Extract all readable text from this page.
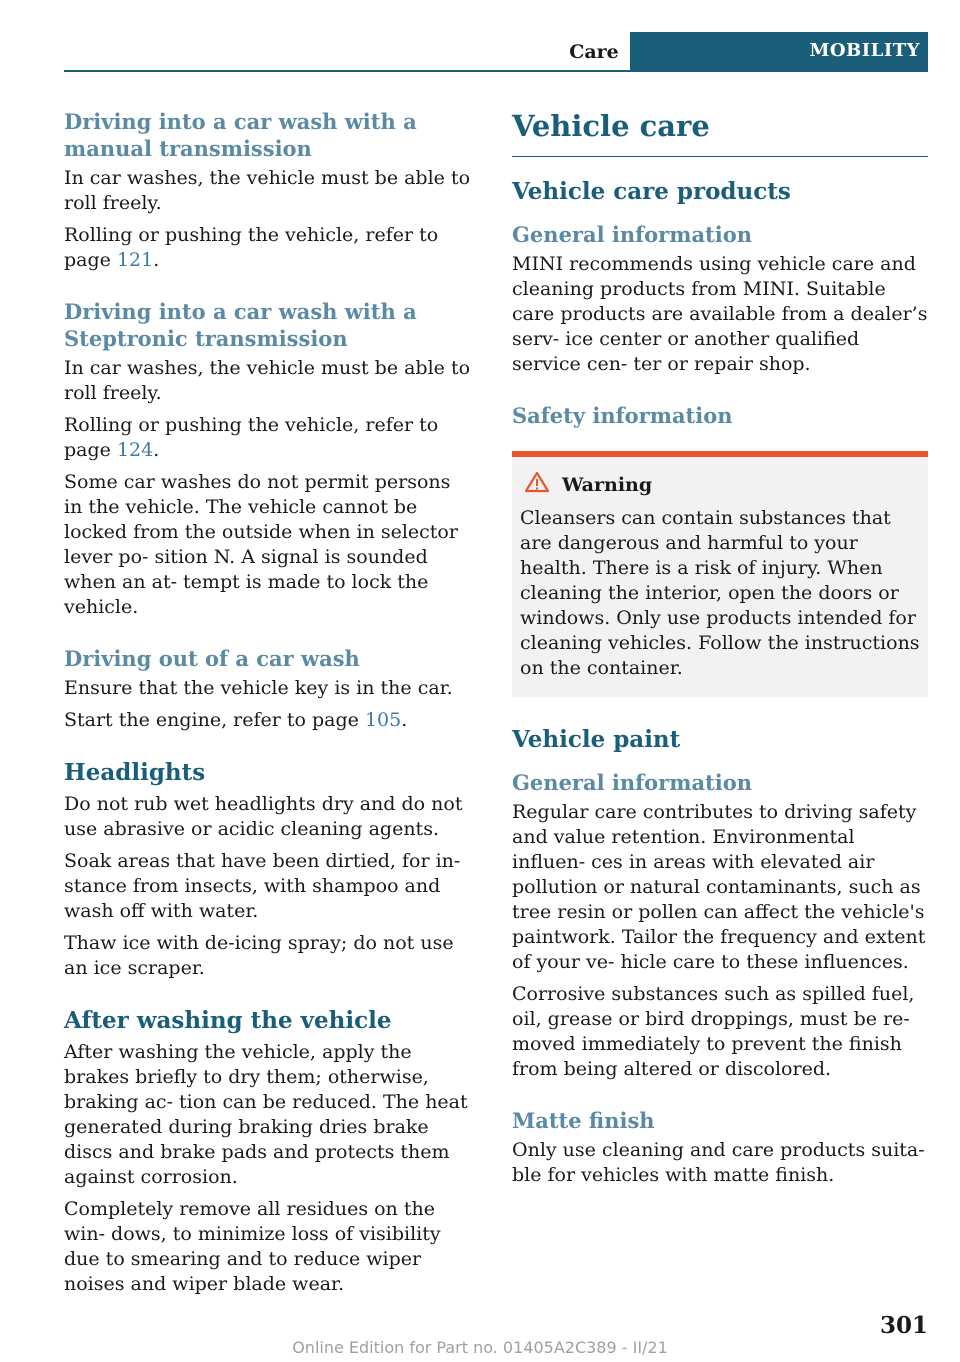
Care	MOBILITY
Driving into a car wash with a manual transmission

In car washes, the vehicle must be able to roll freely.

Rolling or pushing the vehicle, refer to page 121.

Driving into a car wash with a Steptronic transmission

In car washes, the vehicle must be able to roll freely.

Rolling or pushing the vehicle, refer to page 124.

Some car washes do not permit persons in the vehicle. The vehicle cannot be locked from the outside when in selector lever po- sition N. A signal is sounded when an at- tempt is made to lock the vehicle.

Driving out of a car wash

Ensure that the vehicle key is in the car.

Start the engine, refer to page 105.

Headlights

Do not rub wet headlights dry and do not use abrasive or acidic cleaning agents.

Soak areas that have been dirtied, for in- stance from insects, with shampoo and wash off with water.

Thaw ice with de-icing spray; do not use an ice scraper.

After washing the vehicle

After washing the vehicle, apply the brakes briefly to dry them; otherwise, braking ac- tion can be reduced. The heat generated during braking dries brake discs and brake pads and protects them against corrosion.

Completely remove all residues on the win- dows, to minimize loss of visibility due to smearing and to reduce wiper noises and wiper blade wear.

Vehicle care
Vehicle care products
General information

MINI recommends using vehicle care and cleaning products from MINI. Suitable care products are available from a dealer’s serv- ice center or another qualified service cen- ter or repair shop.

Safety information
Warning

Cleansers can contain substances that are dangerous and harmful to your health. There is a risk of injury. When cleaning the interior, open the doors or windows. Only use products intended for cleaning vehicles. Follow the instructions on the container.

Vehicle paint
General information

Regular care contributes to driving safety and value retention. Environmental influen- ces in areas with elevated air pollution or natural contaminants, such as tree resin or pollen can affect the vehicle's paintwork. Tailor the frequency and extent of your ve- hicle care to these influences.

Corrosive substances such as spilled fuel, oil, grease or bird droppings, must be re- moved immediately to prevent the finish from being altered or discolored.

Matte finish

Only use cleaning and care products suita- ble for vehicles with matte finish.

301
Online Edition for Part no. 01405A2C389 - II/21
